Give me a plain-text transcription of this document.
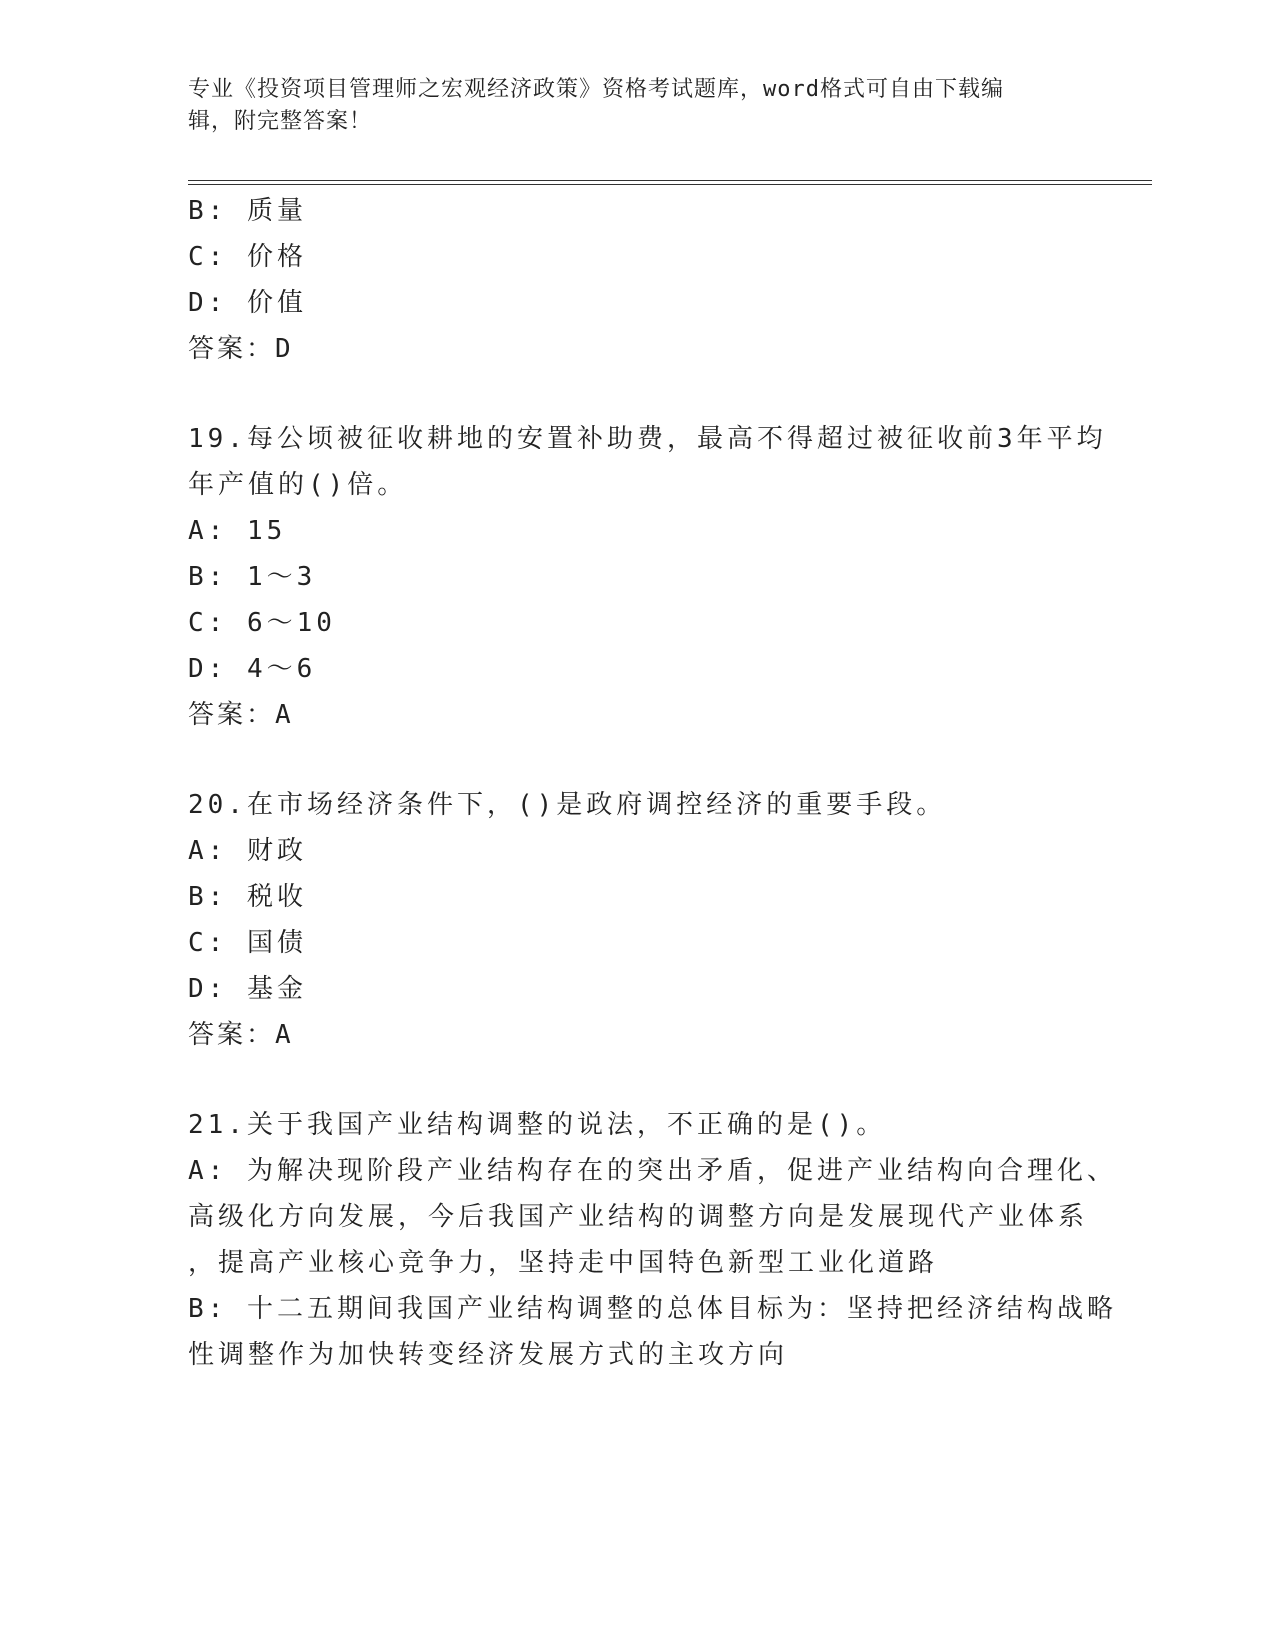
专业《投资项目管理师之宏观经济政策》资格考试题库，word格式可自由下载编
辑，附完整答案！
B: 质量
C: 价格
D: 价值
答案：D
19.每公顷被征收耕地的安置补助费，最高不得超过被征收前3年平均
年产值的()倍。
A: 15
B: 1～3
C: 6～10
D: 4～6
答案：A
20.在市场经济条件下，()是政府调控经济的重要手段。
A: 财政
B: 税收
C: 国债
D: 基金
答案：A
21.关于我国产业结构调整的说法，不正确的是()。
A: 为解决现阶段产业结构存在的突出矛盾，促进产业结构向合理化、
高级化方向发展，今后我国产业结构的调整方向是发展现代产业体系
，提高产业核心竞争力，坚持走中国特色新型工业化道路
B: 十二五期间我国产业结构调整的总体目标为：坚持把经济结构战略
性调整作为加快转变经济发展方式的主攻方向
